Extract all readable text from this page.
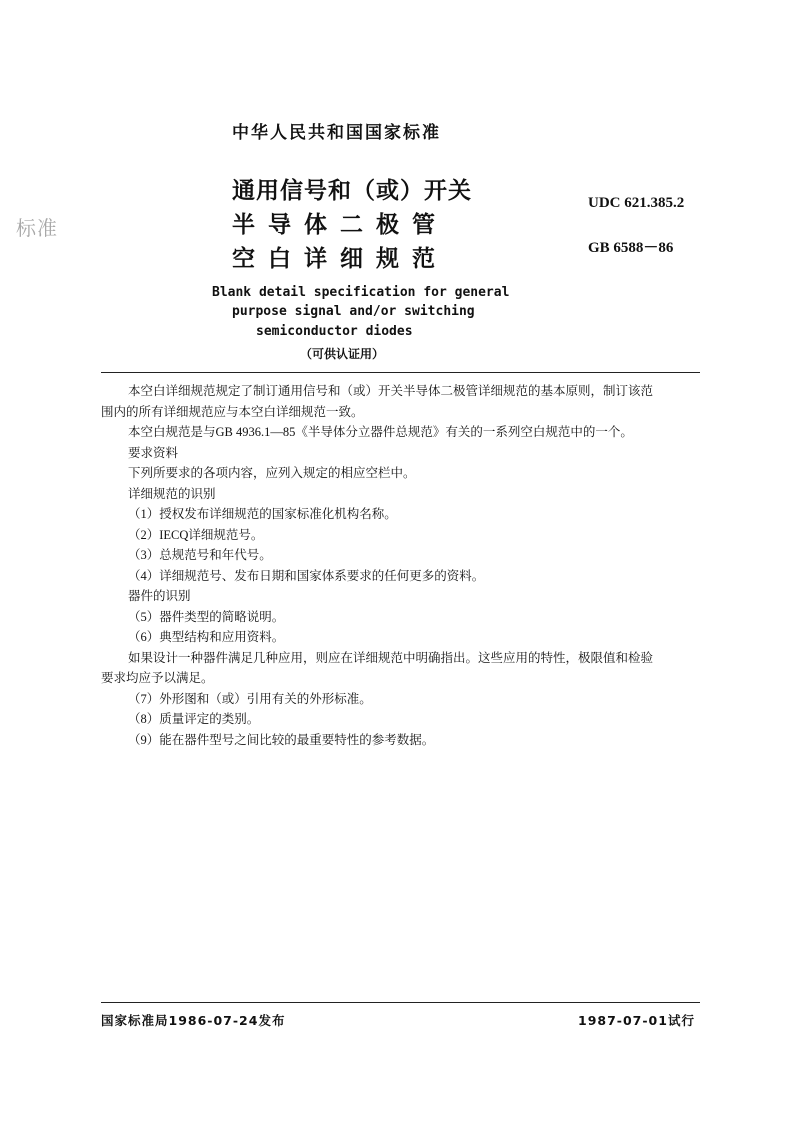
标准
中华人民共和国国家标准
通用信号和（或）开关
半导体二极管
空白详细规范
UDC 621.385.2
GB 6588－86
Blank detail specification for general
purpose signal and/or switching
semiconductor diodes
（可供认证用）
本空白详细规范规定了制订通用信号和（或）开关半导体二极管详细规范的基本原则，制订该范
围内的所有详细规范应与本空白详细规范一致。
本空白规范是与GB 4936.1—85《半导体分立器件总规范》有关的一系列空白规范中的一个。
要求资料
下列所要求的各项内容，应列入规定的相应空栏中。
详细规范的识别
（1）授权发布详细规范的国家标准化机构名称。
（2）IECQ详细规范号。
（3）总规范号和年代号。
（4）详细规范号、发布日期和国家体系要求的任何更多的资料。
器件的识别
（5）器件类型的简略说明。
（6）典型结构和应用资料。
如果设计一种器件满足几种应用，则应在详细规范中明确指出。这些应用的特性，极限值和检验
要求均应予以满足。
（7）外形图和（或）引用有关的外形标准。
（8）质量评定的类别。
（9）能在器件型号之间比较的最重要特性的参考数据。
国家标准局1986-07-24发布	1987-07-01试行
